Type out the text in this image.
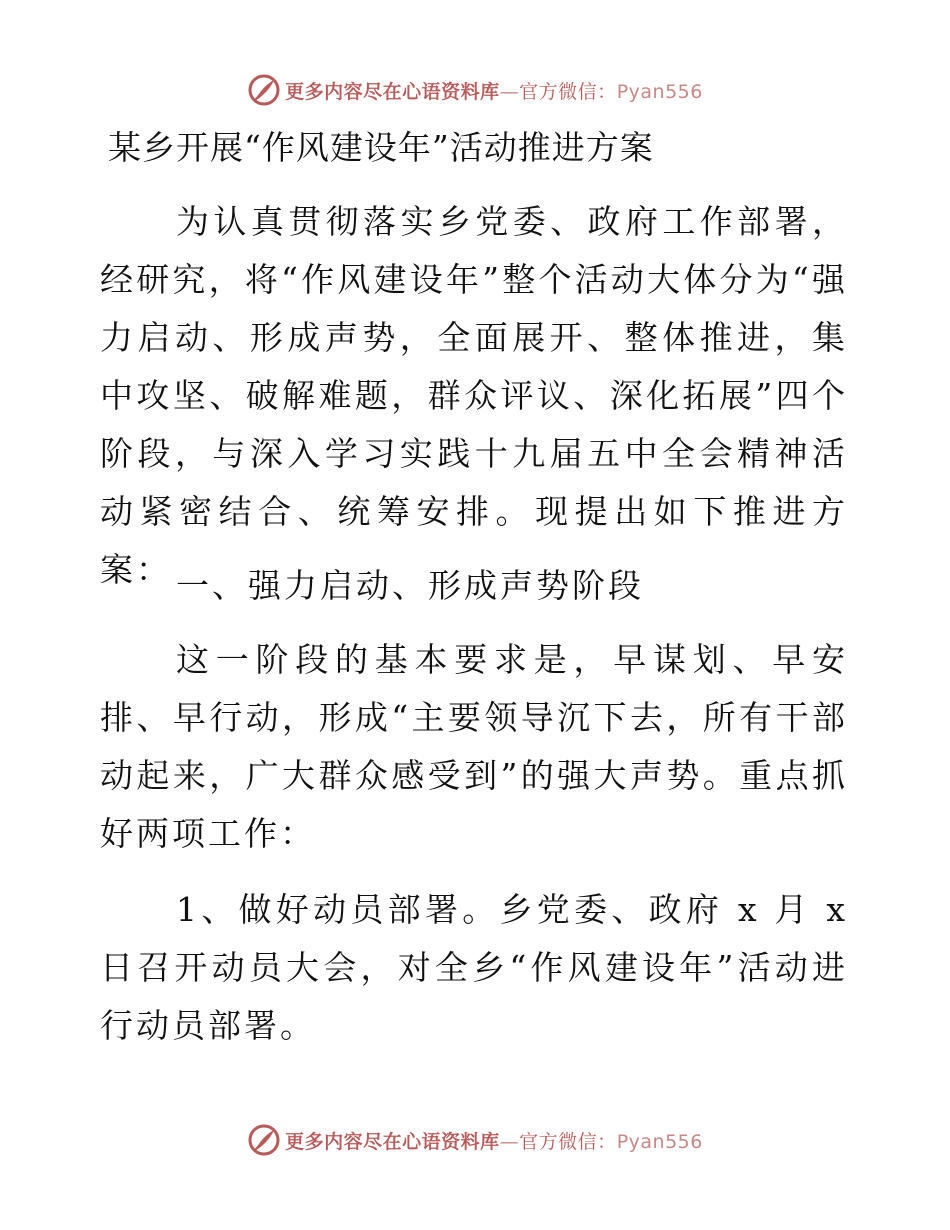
更多内容尽在心语资料库—官方微信：Pyan556
某乡开展“作风建设年”活动推进方案

为认真贯彻落实乡党委、政府工作部署，经研究，将“作风建设年”整个活动大体分为“强力启动、形成声势，全面展开、整体推进，集中攻坚、破解难题，群众评议、深化拓展”四个阶段，与深入学习实践十九届五中全会精神活动紧密结合、统筹安排。现提出如下推进方案： 一、强力启动、形成声势阶段

这一阶段的基本要求是，早谋划、早安排、早行动，形成“主要领导沉下去，所有干部动起来，广大群众感受到”的强大声势。重点抓好两项工作：

1、做好动员部署。乡党委、政府 x 月 x 日召开动员大会，对全乡“作风建设年”活动进行动员部署。

更多内容尽在心语资料库—官方微信：Pyan556
